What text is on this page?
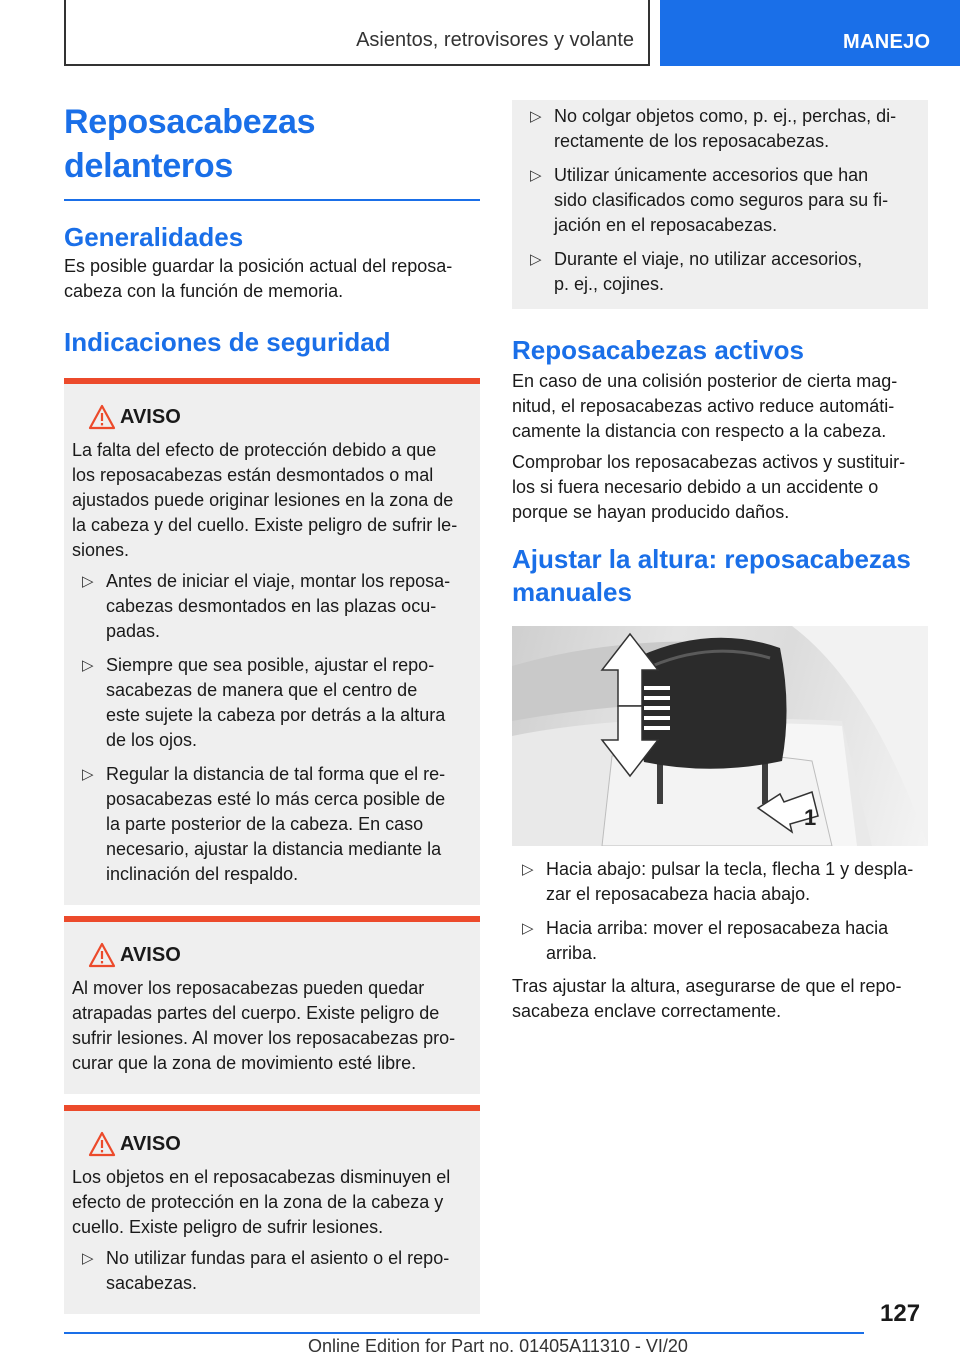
Asientos, retrovisores y volante	MANEJO
Reposacabezas delanteros
Generalidades

Es posible guardar la posición actual del reposa-
cabeza con la función de memoria.

Indicaciones de seguridad
AVISO

La falta del efecto de protección debido a que
los reposacabezas están desmontados o mal
ajustados puede originar lesiones en la zona de
la cabeza y del cuello. Existe peligro de sufrir le-
siones.

▷ Antes de iniciar el viaje, montar los reposa-
cabezas desmontados en las plazas ocu-
padas.
▷ Siempre que sea posible, ajustar el repo-
sacabezas de manera que el centro de
este sujete la cabeza por detrás a la altura
de los ojos.
▷ Regular la distancia de tal forma que el re-
posacabezas esté lo más cerca posible de
la parte posterior de la cabeza. En caso
necesario, ajustar la distancia mediante la
inclinación del respaldo.
AVISO

Al mover los reposacabezas pueden quedar
atrapadas partes del cuerpo. Existe peligro de
sufrir lesiones. Al mover los reposacabezas pro-
curar que la zona de movimiento esté libre.

AVISO

Los objetos en el reposacabezas disminuyen el
efecto de protección en la zona de la cabeza y
cuello. Existe peligro de sufrir lesiones.

▷ No utilizar fundas para el asiento o el repo-
sacabezas.
▷ No colgar objetos como, p. ej., perchas, di-
rectamente de los reposacabezas.
▷ Utilizar únicamente accesorios que han
sido clasificados como seguros para su fi-
jación en el reposacabezas.
▷ Durante el viaje, no utilizar accesorios,
p. ej., cojines.
Reposacabezas activos

En caso de una colisión posterior de cierta mag-
nitud, el reposacabezas activo reduce automáti-
camente la distancia con respecto a la cabeza.

Comprobar los reposacabezas activos y sustituir-
los si fuera necesario debido a un accidente o
porque se hayan producido daños.

Ajustar la altura: reposacabezas
manuales
1
▷ Hacia abajo: pulsar la tecla, flecha 1 y despla-
zar el reposacabeza hacia abajo.
▷ Hacia arriba: mover el reposacabeza hacia
arriba.

Tras ajustar la altura, asegurarse de que el repo-
sacabeza enclave correctamente.

127
Online Edition for Part no. 01405A11310 - VI/20
